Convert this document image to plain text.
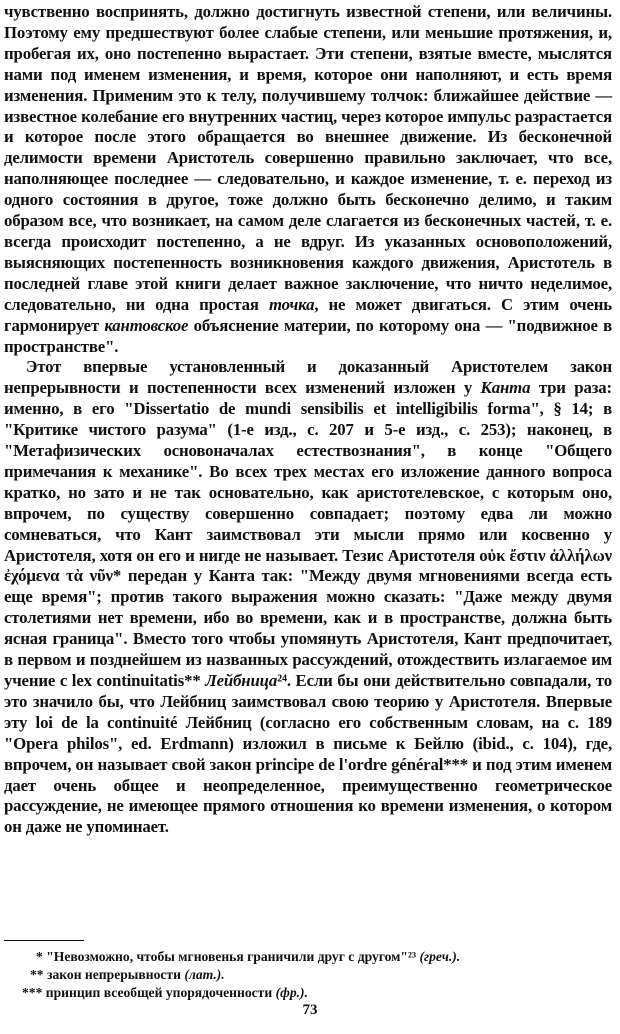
чувственно воспринять, должно достигнуть известной степени, или величины. Поэтому ему предшествуют более слабые степени, или меньшие протяжения, и, пробегая их, оно постепенно вырастает. Эти степени, взятые вместе, мыслятся нами под именем изменения, и время, которое они наполняют, и есть время изменения. Применим это к телу, получившему толчок: ближайшее действие — известное колебание его внутренних частиц, через которое импульс разрастается и которое после этого обращается во внешнее движение. Из бесконечной делимости времени Аристотель совершенно правильно заключает, что все, наполняющее последнее — следовательно, и каждое изменение, т. е. переход из одного состояния в другое, тоже должно быть бесконечно делимо, и таким образом все, что возникает, на самом деле слагается из бесконечных частей, т. е. всегда происходит постепенно, а не вдруг. Из указанных основоположений, выясняющих постепенность возникновения каждого движения, Аристотель в последней главе этой книги делает важное заключение, что ничто неделимое, следовательно, ни одна простая точка, не может двигаться. С этим очень гармонирует кантовское объяснение материи, по которому она — "подвижное в пространстве".

Этот впервые установленный и доказанный Аристотелем закон непрерывности и постепенности всех изменений изложен у Канта три раза: именно, в его "Dissertatio de mundi sensibilis et intelligibilis forma", § 14; в "Критике чистого разума" (1-е изд., с. 207 и 5-е изд., с. 253); наконец, в "Метафизических основоначалах естествознания", в конце "Общего примечания к механике". Во всех трех местах его изложение данного вопроса кратко, но зато и не так основательно, как аристотелевское, с которым оно, впрочем, по существу совершенно совпадает; поэтому едва ли можно сомневаться, что Кант заимствовал эти мысли прямо или косвенно у Аристотеля, хотя он его и нигде не называет. Тезис Аристотеля οὐκ ἔστιν ἀλλήλων ἐχόμενα τὰ νῦν* передан у Канта так: "Между двумя мгновениями всегда есть еще время"; против такого выражения можно сказать: "Даже между двумя столетиями нет времени, ибо во времени, как и в пространстве, должна быть ясная граница". Вместо того чтобы упомянуть Аристотеля, Кант предпочитает, в первом и позднейшем из названных рассуждений, отождествить излагаемое им учение с lex continuitatis** Лейбница²⁴. Если бы они действительно совпадали, то это значило бы, что Лейбниц заимствовал свою теорию у Аристотеля. Впервые эту loi de la continuité Лейбниц (согласно его собственным словам, на с. 189 "Opera philos", ed. Erdmann) изложил в письме к Бейлю (ibid., с. 104), где, впрочем, он называет свой закон principe de l'ordre général*** и под этим именем дает очень общее и неопределенное, преимущественно геометрическое рассуждение, не имеющее прямого отношения ко времени изменения, о котором он даже не упоминает.

* "Невозможно, чтобы мгновенья граничили друг с другом"²³ (греч.).

** закон непрерывности (лат.).

*** принцип всеобщей упорядоченности (фр.).

73
